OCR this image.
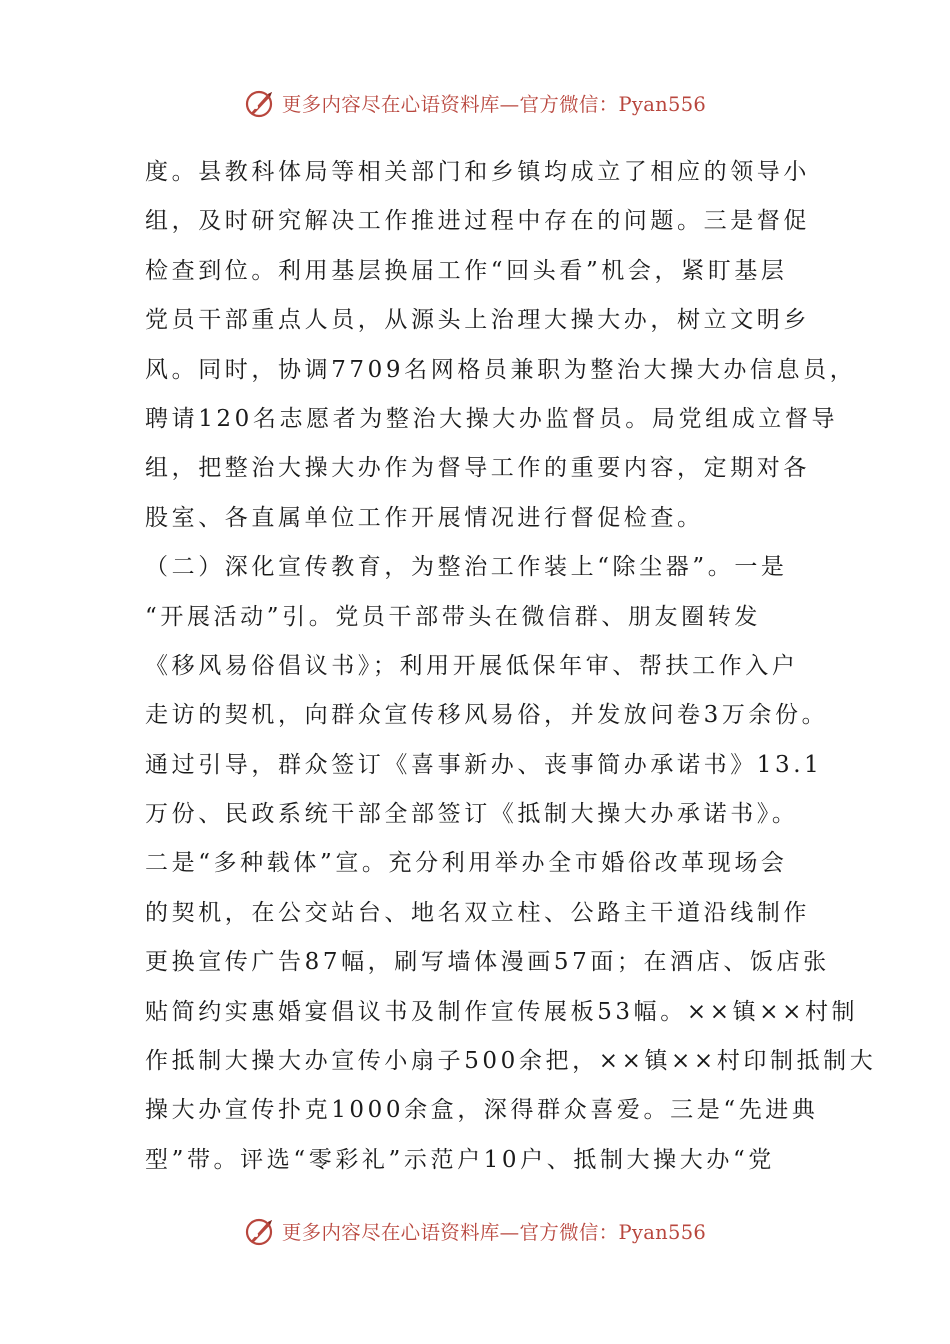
更多内容尽在心语资料库—官方微信：Pyan556
度。县教科体局等相关部门和乡镇均成立了相应的领导小
组，及时研究解决工作推进过程中存在的问题。三是督促
检查到位。利用基层换届工作“回头看”机会，紧盯基层
党员干部重点人员，从源头上治理大操大办，树立文明乡
风。同时，协调7709名网格员兼职为整治大操大办信息员，
聘请120名志愿者为整治大操大办监督员。局党组成立督导
组，把整治大操大办作为督导工作的重要内容，定期对各
股室、各直属单位工作开展情况进行督促检查。
（二）深化宣传教育，为整治工作装上“除尘器”。一是
“开展活动”引。党员干部带头在微信群、朋友圈转发
《移风易俗倡议书》；利用开展低保年审、帮扶工作入户
走访的契机，向群众宣传移风易俗，并发放问卷3万余份。
通过引导，群众签订《喜事新办、丧事简办承诺书》13.1
万份、民政系统干部全部签订《抵制大操大办承诺书》。
二是“多种载体”宣。充分利用举办全市婚俗改革现场会
的契机，在公交站台、地名双立柱、公路主干道沿线制作
更换宣传广告87幅，刷写墙体漫画57面；在酒店、饭店张
贴简约实惠婚宴倡议书及制作宣传展板53幅。××镇××村制
作抵制大操大办宣传小扇子500余把，××镇××村印制抵制大
操大办宣传扑克1000余盒，深得群众喜爱。三是“先进典
型”带。评选“零彩礼”示范户10户、抵制大操大办“党
更多内容尽在心语资料库—官方微信：Pyan556
